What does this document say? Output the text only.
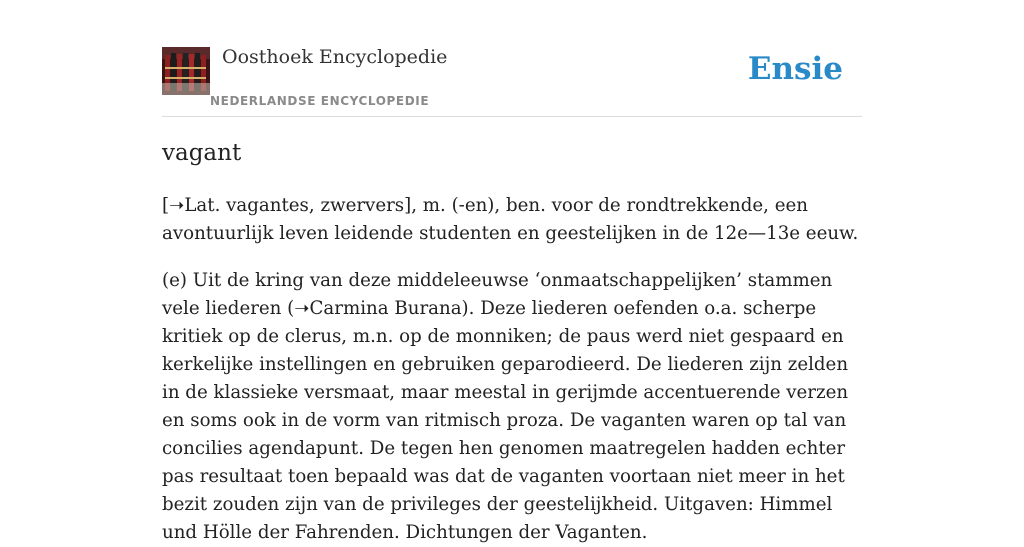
Oosthoek Encyclopedie
NEDERLANDSE ENCYCLOPEDIE
Ensie
vagant

[➝Lat. vagantes, zwervers], m. (-en), ben. voor de rondtrekkende, een avontuurlijk leven leidende studenten en geestelijken in de 12e—13e eeuw.

(e) Uit de kring van deze middeleeuwse ‘onmaatschappelijken’ stammen vele liederen (➝Carmina Burana). Deze liederen oefenden o.a. scherpe kritiek op de clerus, m.n. op de monniken; de paus werd niet gespaard en kerkelijke instellingen en gebruiken geparodieerd. De liederen zijn zelden in de klassieke versmaat, maar meestal in gerijmde accentuerende verzen en soms ook in de vorm van ritmisch proza. De vaganten waren op tal van concilies agendapunt. De tegen hen genomen maatregelen hadden echter pas resultaat toen bepaald was dat de vaganten voortaan niet meer in het bezit zouden zijn van de privileges der geestelijkheid. Uitgaven: Himmel und Hölle der Fahrenden. Dichtungen der Vaganten.
